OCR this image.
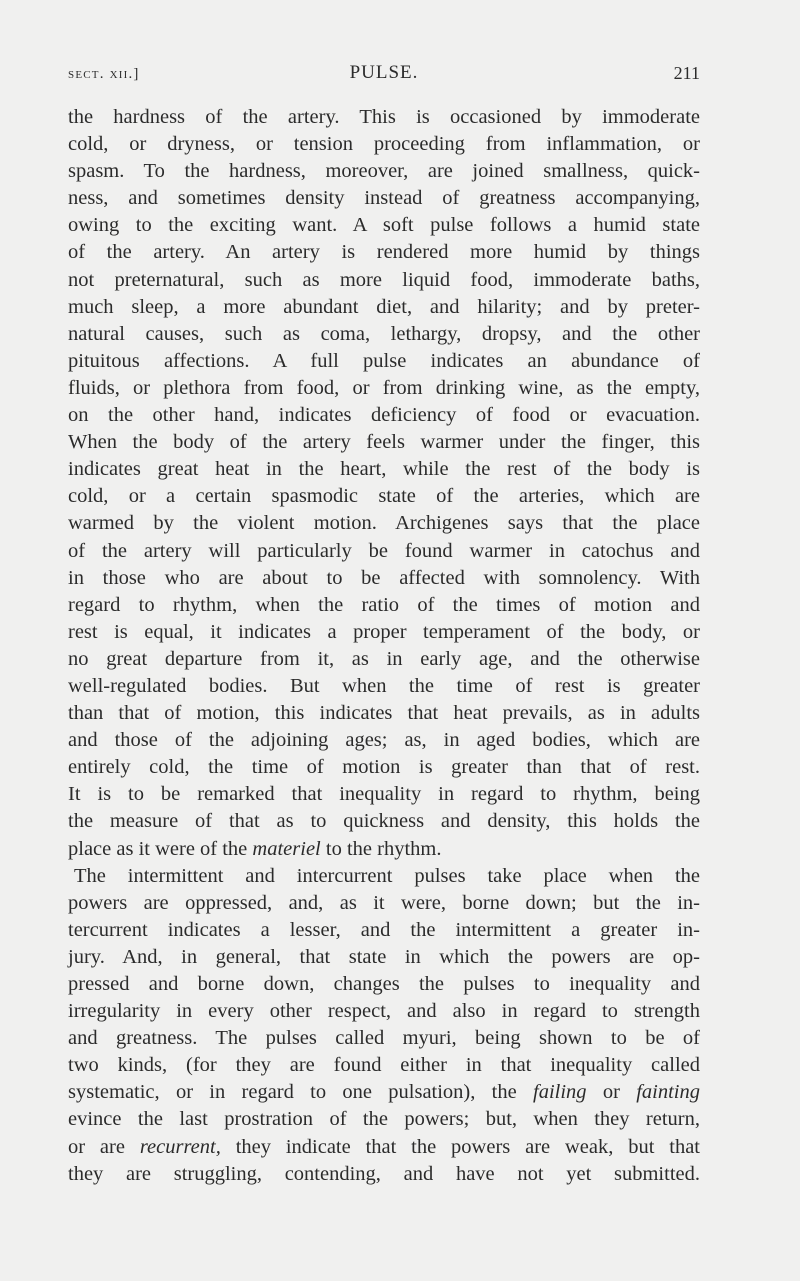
sect. xii.]	PULSE.	211
the hardness of the artery. This is occasioned by immoderate
cold, or dryness, or tension proceeding from inflammation, or
spasm. To the hardness, moreover, are joined smallness, quick-
ness, and sometimes density instead of greatness accompanying,
owing to the exciting want. A soft pulse follows a humid state
of the artery. An artery is rendered more humid by things
not preternatural, such as more liquid food, immoderate baths,
much sleep, a more abundant diet, and hilarity; and by preter-
natural causes, such as coma, lethargy, dropsy, and the other
pituitous affections. A full pulse indicates an abundance of
fluids, or plethora from food, or from drinking wine, as the empty,
on the other hand, indicates deficiency of food or evacuation.
When the body of the artery feels warmer under the finger, this
indicates great heat in the heart, while the rest of the body is
cold, or a certain spasmodic state of the arteries, which are
warmed by the violent motion. Archigenes says that the place
of the artery will particularly be found warmer in catochus and
in those who are about to be affected with somnolency. With
regard to rhythm, when the ratio of the times of motion and
rest is equal, it indicates a proper temperament of the body, or
no great departure from it, as in early age, and the otherwise
well-regulated bodies. But when the time of rest is greater
than that of motion, this indicates that heat prevails, as in adults
and those of the adjoining ages; as, in aged bodies, which are
entirely cold, the time of motion is greater than that of rest.
It is to be remarked that inequality in regard to rhythm, being
the measure of that as to quickness and density, this holds the
place as it were of the materiel to the rhythm.
The intermittent and intercurrent pulses take place when the
powers are oppressed, and, as it were, borne down; but the in-
tercurrent indicates a lesser, and the intermittent a greater in-
jury. And, in general, that state in which the powers are op-
pressed and borne down, changes the pulses to inequality and
irregularity in every other respect, and also in regard to strength
and greatness. The pulses called myuri, being shown to be of
two kinds, (for they are found either in that inequality called
systematic, or in regard to one pulsation), the failing or fainting
evince the last prostration of the powers; but, when they return,
or are recurrent, they indicate that the powers are weak, but that
they are struggling, contending, and have not yet submitted.
